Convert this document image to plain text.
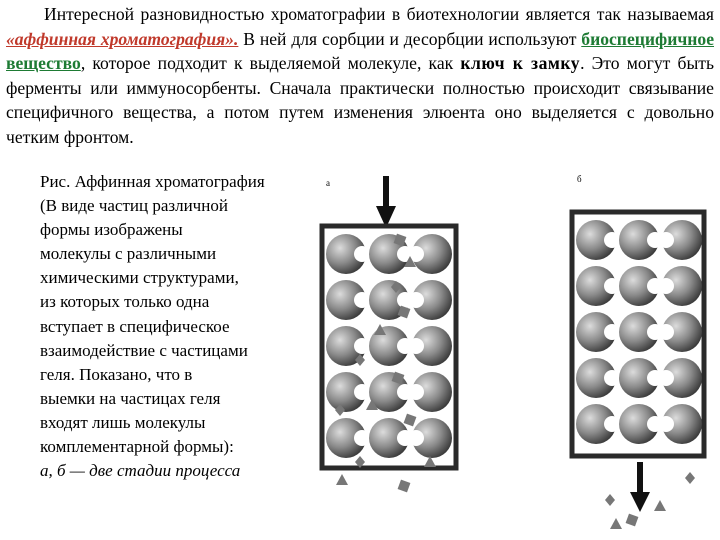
Интересной разновидностью хроматографии в биотехнологии является так называемая «аффинная хроматография». В ней для сорбции и десорбции используют биоспецифичное вещество, которое подходит к выделяемой молекуле, как ключ к замку. Это могут быть ферменты или иммуносорбенты. Сначала практически полностью происходит связывание специфичного вещества, а потом путем изменения элюента оно выделяется с довольно четким фронтом.

Рис. Аффинная хроматография
(В виде частиц различной
формы изображены
молекулы с различными
химическими структурами,
из которых только одна
вступает в специфическое
взаимодействие с частицами
геля. Показано, что в
выемки на частицах геля
входят лишь молекулы
комплементарной формы):
а, б — две стадии процесса
а	б
